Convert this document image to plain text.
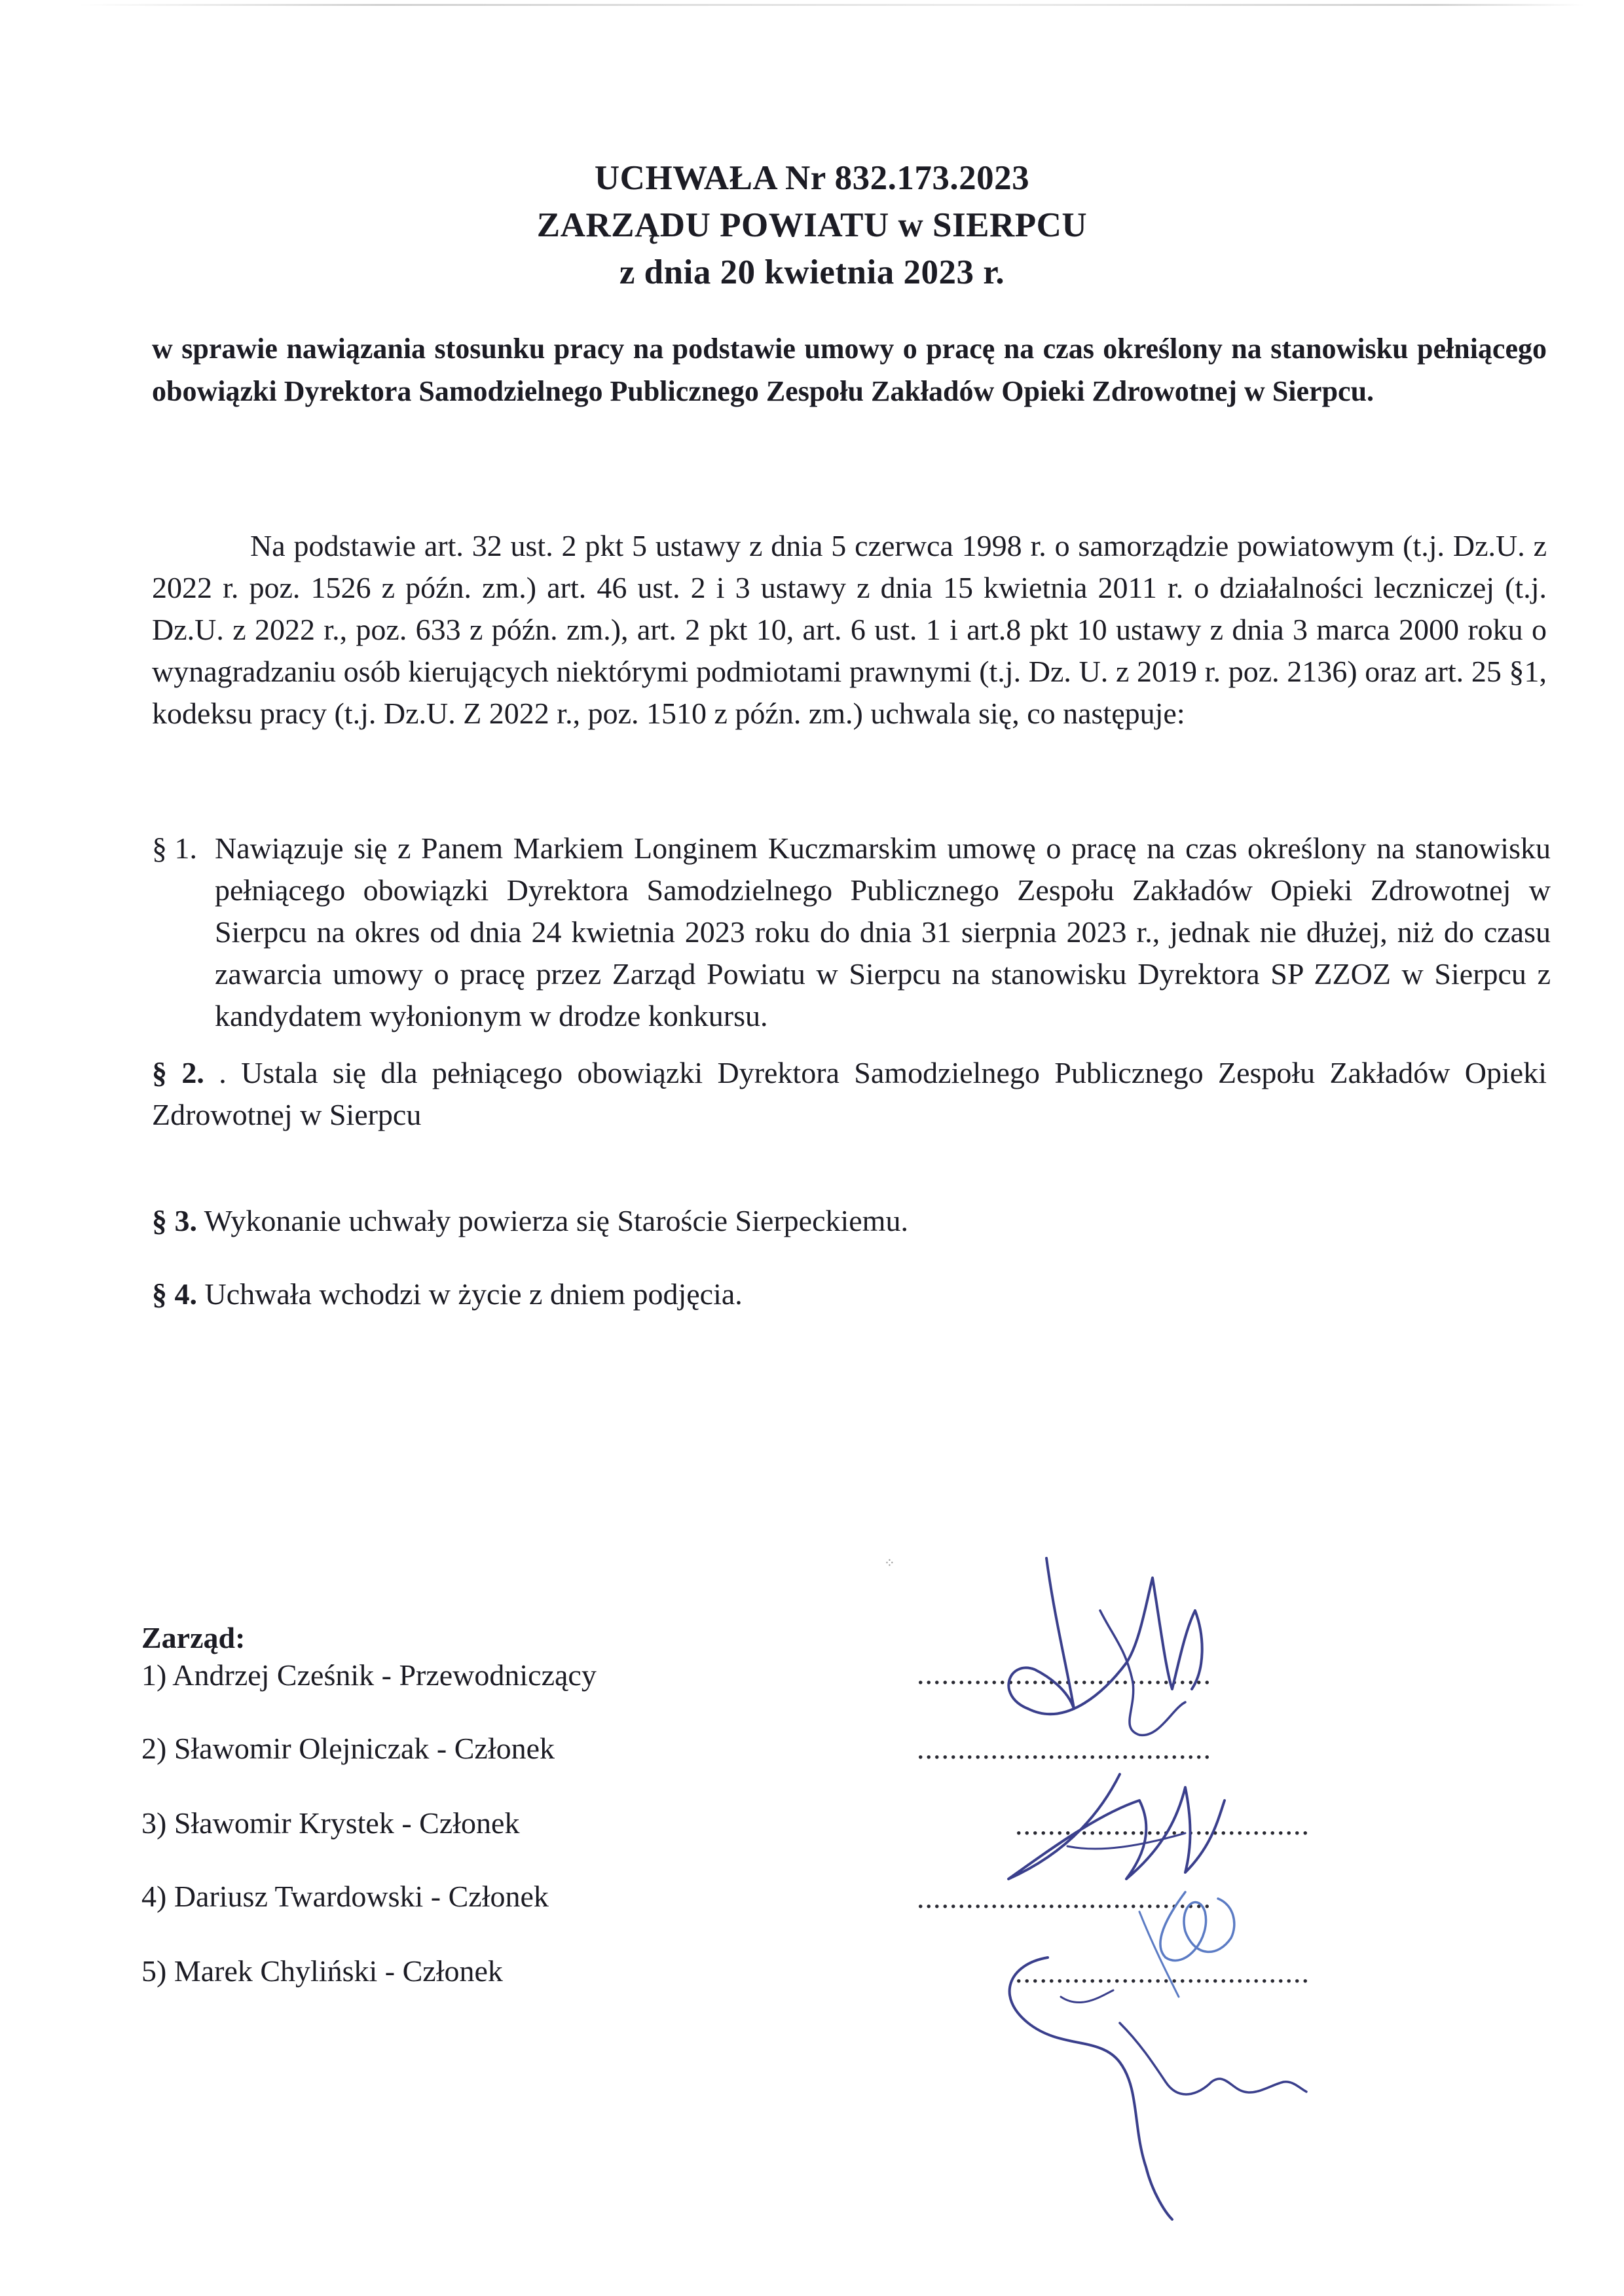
UCHWAŁA Nr 832.173.2023
ZARZĄDU POWIATU w SIERPCU
z dnia 20 kwietnia 2023 r.
w sprawie nawiązania stosunku pracy na podstawie umowy o pracę na czas określony na stanowisku pełniącego obowiązki Dyrektora Samodzielnego Publicznego Zespołu Zakładów Opieki Zdrowotnej w Sierpcu.
Na podstawie art. 32 ust. 2 pkt 5 ustawy z dnia 5 czerwca 1998 r. o samorządzie powiatowym (t.j. Dz.U. z 2022 r. poz. 1526 z późn. zm.) art. 46 ust. 2 i 3 ustawy z dnia 15 kwietnia 2011 r. o działalności leczniczej (t.j. Dz.U. z 2022 r., poz. 633 z późn. zm.), art. 2 pkt 10, art. 6 ust. 1 i art.8 pkt 10 ustawy z dnia 3 marca 2000 roku o wynagradzaniu osób kierujących niektórymi podmiotami prawnymi (t.j. Dz. U. z 2019 r. poz. 2136) oraz art. 25 §1, kodeksu pracy (t.j. Dz.U. Z 2022 r., poz. 1510 z późn. zm.) uchwala się, co następuje:
§ 1. Nawiązuje się z Panem Markiem Longinem Kuczmarskim umowę o pracę na czas określony na stanowisku pełniącego obowiązki Dyrektora Samodzielnego Publicznego Zespołu Zakładów Opieki Zdrowotnej w Sierpcu na okres od dnia 24 kwietnia 2023 roku do dnia 31 sierpnia 2023 r., jednak nie dłużej, niż do czasu zawarcia umowy o pracę przez Zarząd Powiatu w Sierpcu na stanowisku Dyrektora SP ZZOZ w Sierpcu z kandydatem wyłonionym w drodze konkursu.
§ 2. . Ustala się dla pełniącego obowiązki Dyrektora Samodzielnego Publicznego Zespołu Zakładów Opieki Zdrowotnej w Sierpcu
§ 3. Wykonanie uchwały powierza się Staroście Sierpeckiemu.
§ 4. Uchwała wchodzi w życie z dniem podjęcia.
Zarząd:
1) Andrzej Cześnik - Przewodniczący
2) Sławomir Olejniczak - Członek
3) Sławomir Krystek - Członek
4) Dariusz Twardowski - Członek
5) Marek Chyliński - Członek
....................................
....................................
....................................
....................................
....................................
⁘
